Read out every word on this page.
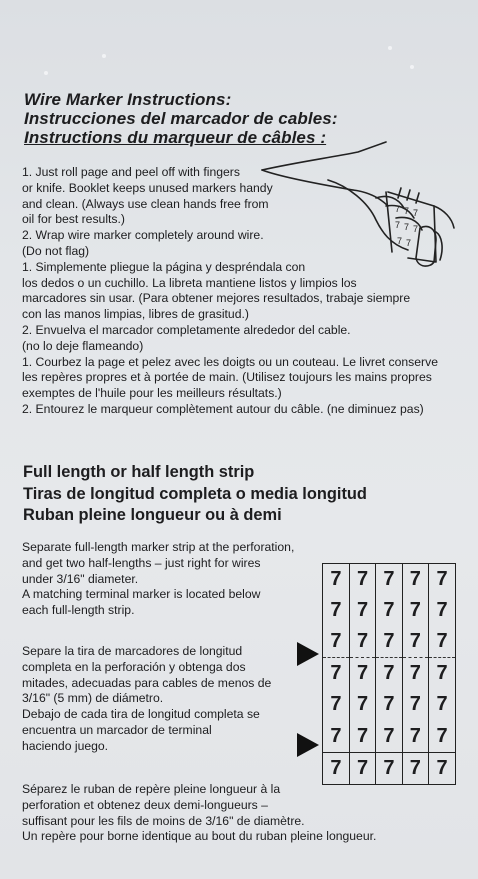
Wire Marker Instructions:
Instrucciones del marcador de cables:
Instructions du marqueur de câbles :
7 7 7
7 7 7
7 7

1. Just roll page and peel off with fingers

or knife. Booklet keeps unused markers handy

and clean. (Always use clean hands free from

oil for best results.)

2. Wrap wire marker completely around wire.

(Do not flag)

1. Simplemente pliegue la página y despréndala con

los dedos o un cuchillo. La libreta mantiene listos y limpios los

marcadores sin usar. (Para obtener mejores resultados, trabaje siempre

con las manos limpias, libres de grasitud.)

2. Envuelva el marcador completamente alrededor del cable.

(no lo deje flameando)

1. Courbez la page et pelez avec les doigts ou un couteau. Le livret conserve

les repères propres et à portée de main. (Utilisez toujours les mains propres

exemptes de l'huile pour les meilleurs résultats.)

2. Entourez le marqueur complètement autour du câble. (ne diminuez pas)

Full length or half length strip
Tiras de longitud completa o media longitud
Ruban pleine longueur ou à demi

Separate full-length marker strip at the perforation,

and get two half-lengths – just right for wires

under 3/16" diameter.

A matching terminal marker is located below

each full-length strip.

Separe la tira de marcadores de longitud

completa en la perforación y obtenga dos

mitades, adecuadas para cables de menos de

3/16" (5 mm) de diámetro.

Debajo de cada tira de longitud completa se

encuentra un marcador de terminal

haciendo juego.

Séparez le ruban de repère pleine longueur à la

perforation et obtenez deux demi-longueurs –

suffisant pour les fils de moins de 3/16" de diamètre.

Un repère pour borne identique au bout du ruban pleine longueur.

7	7	7	7	7
7	7	7	7	7
7	7	7	7	7
7	7	7	7	7
7	7	7	7	7
7	7	7	7	7
7	7	7	7	7
